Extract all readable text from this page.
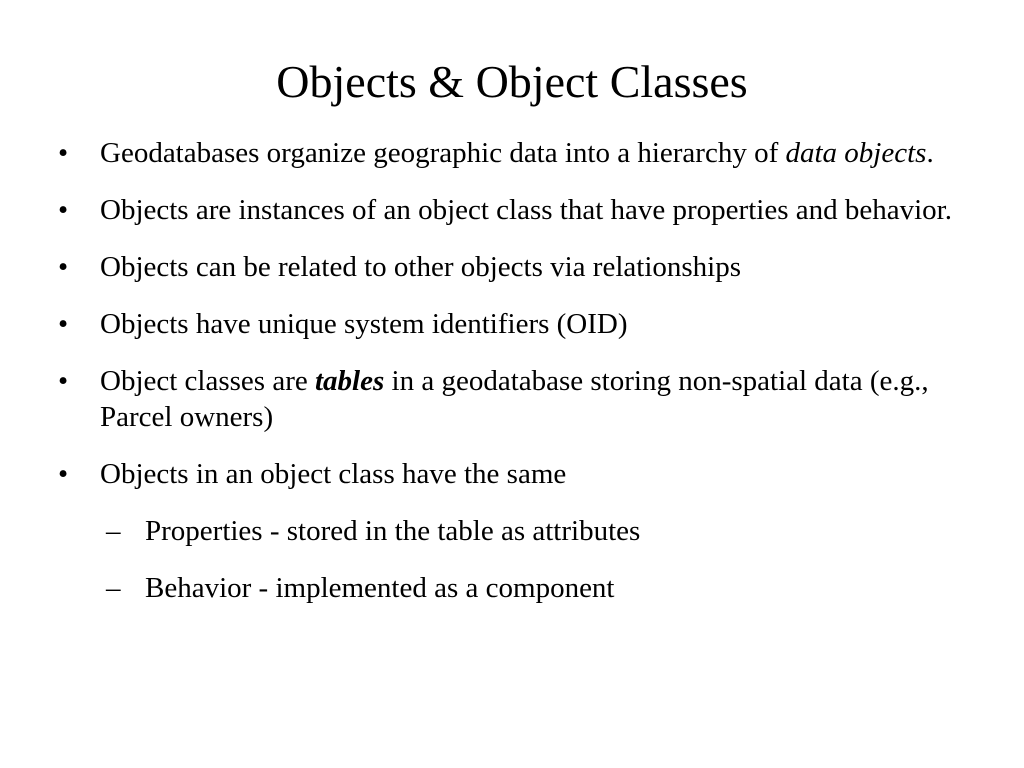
Objects & Object Classes
• Geodatabases organize geographic data into a hierarchy of data objects.
• Objects are instances of an object class that have properties and behavior.
• Objects can be related to other objects via relationships
• Objects have unique system identifiers (OID)
• Object classes are tables in a geodatabase storing non-spatial data (e.g., Parcel owners)
• Objects in an object class have the same
– Properties - stored in the table as attributes
– Behavior - implemented as a component
